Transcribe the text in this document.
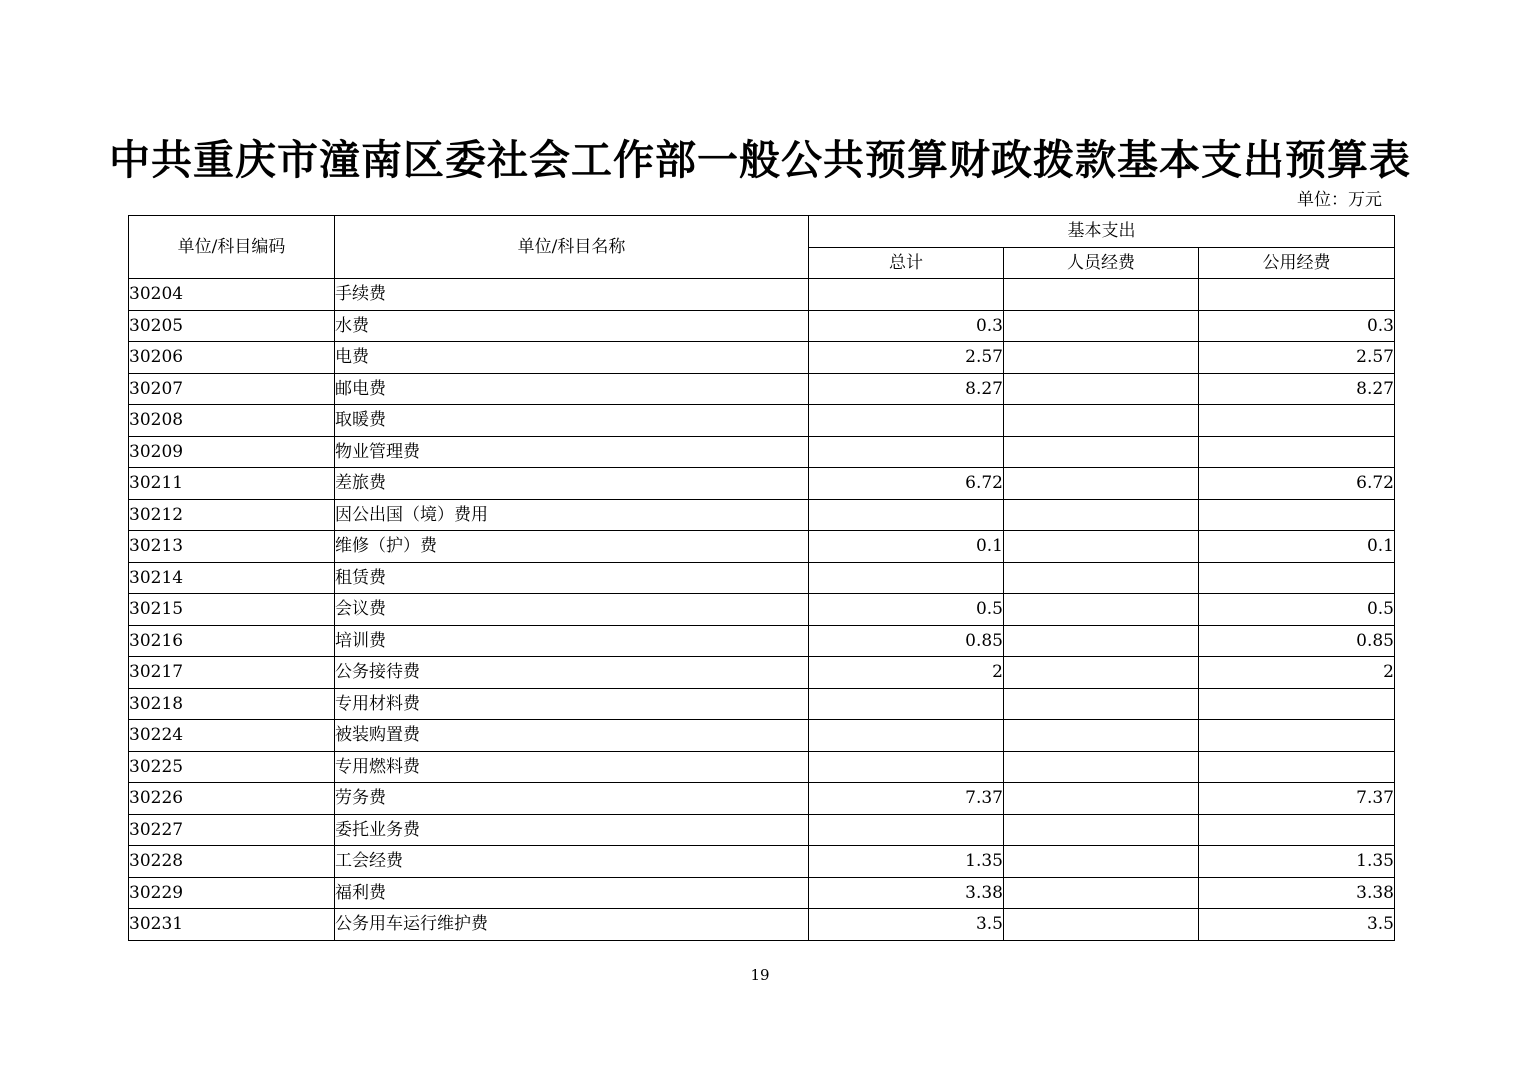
中共重庆市潼南区委社会工作部一般公共预算财政拨款基本支出预算表
单位：万元
单位/科目编码	单位/科目名称	基本支出		
		总计	人员经费	公用经费
30204	手续费			
30205	水费	0.3		0.3
30206	电费	2.57		2.57
30207	邮电费	8.27		8.27
30208	取暖费			
30209	物业管理费			
30211	差旅费	6.72		6.72
30212	因公出国（境）费用			
30213	维修（护）费	0.1		0.1
30214	租赁费			
30215	会议费	0.5		0.5
30216	培训费	0.85		0.85
30217	公务接待费	2		2
30218	专用材料费			
30224	被装购置费			
30225	专用燃料费			
30226	劳务费	7.37		7.37
30227	委托业务费			
30228	工会经费	1.35		1.35
30229	福利费	3.38		3.38
30231	公务用车运行维护费	3.5		3.5
19
